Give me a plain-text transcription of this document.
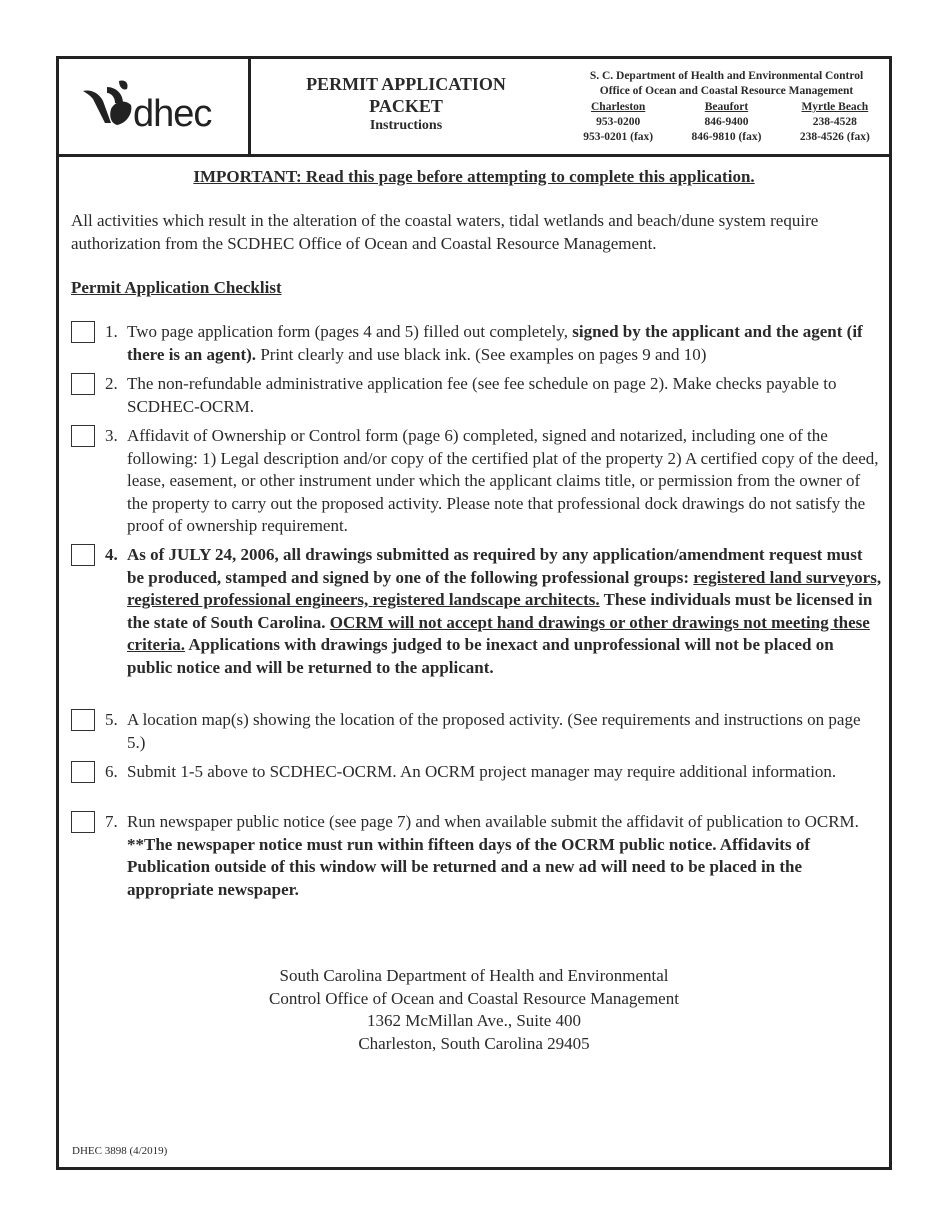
dhec
PERMIT APPLICATION
PACKET
Instructions
S. C. Department of Health and Environmental Control
Office of Ocean and Coastal Resource Management
Charleston
953-0200
953-0201 (fax)
Beaufort
846-9400
846-9810 (fax)
Myrtle Beach
238-4528
238-4526 (fax)
IMPORTANT: Read this page before attempting to complete this application.
All activities which result in the alteration of the coastal waters, tidal wetlands and beach/dune system require authorization from the SCDHEC Office of Ocean and Coastal Resource Management.
Permit Application Checklist
1. Two page application form (pages 4 and 5) filled out completely, signed by the applicant and the agent (if there is an agent). Print clearly and use black ink. (See examples on pages 9 and 10)
2. The non-refundable administrative application fee (see fee schedule on page 2). Make checks payable to SCDHEC-OCRM.
3. Affidavit of Ownership or Control form (page 6) completed, signed and notarized, including one of the following: 1) Legal description and/or copy of the certified plat of the property 2) A certified copy of the deed, lease, easement, or other instrument under which the applicant claims title, or permission from the owner of the property to carry out the proposed activity. Please note that professional dock drawings do not satisfy the proof of ownership requirement.
4. As of JULY 24, 2006, all drawings submitted as required by any application/amendment request must be produced, stamped and signed by one of the following professional groups: registered land surveyors, registered professional engineers, registered landscape architects. These individuals must be licensed in the state of South Carolina. OCRM will not accept hand drawings or other drawings not meeting these criteria. Applications with drawings judged to be inexact and unprofessional will not be placed on public notice and will be returned to the applicant.
5. A location map(s) showing the location of the proposed activity. (See requirements and instructions on page 5.)
6. Submit 1-5 above to SCDHEC-OCRM. An OCRM project manager may require additional information.
7. Run newspaper public notice (see page 7) and when available submit the affidavit of publication to OCRM. **The newspaper notice must run within fifteen days of the OCRM public notice. Affidavits of Publication outside of this window will be returned and a new ad will need to be placed in the appropriate newspaper.
South Carolina Department of Health and Environmental
Control Office of Ocean and Coastal Resource Management
1362 McMillan Ave., Suite 400
Charleston, South Carolina 29405
DHEC 3898 (4/2019)
